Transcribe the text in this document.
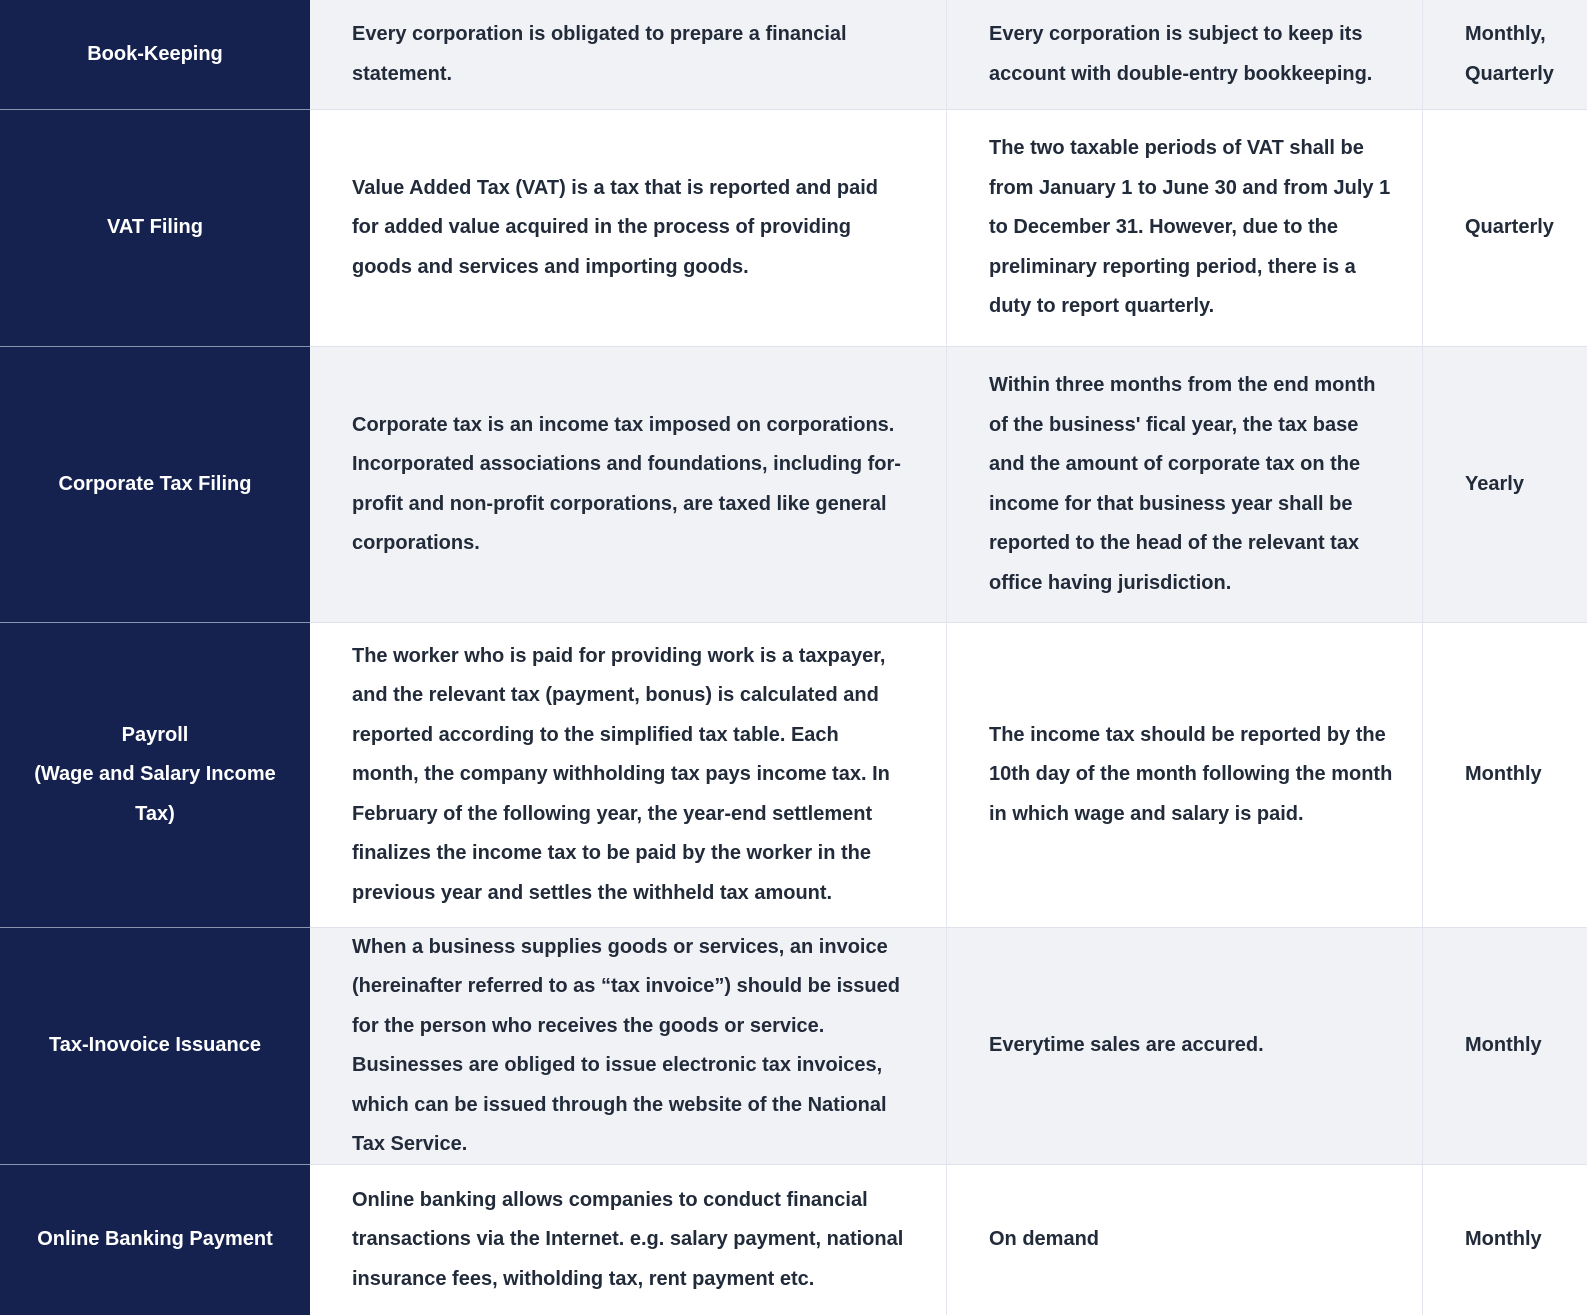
Book-Keeping
Every corporation is obligated to prepare a financial statement.
Every corporation is subject to keep its account with double-entry bookkeeping.
Monthly, Quarterly
VAT Filing
Value Added Tax (VAT) is a tax that is reported and paid for added value acquired in the process of providing goods and services and importing goods.
The two taxable periods of VAT shall be from January 1 to June 30 and from July 1 to December 31. However, due to the preliminary reporting period, there is a duty to report quarterly.
Quarterly
Corporate Tax Filing
Corporate tax is an income tax imposed on corporations. Incorporated associations and foundations, including for-profit and non-profit corporations, are taxed like general corporations.
Within three months from the end month of the business' fical year, the tax base and the amount of corporate tax on the income for that business year shall be reported to the head of the relevant tax office having jurisdiction.
Yearly
Payroll
(Wage and Salary Income Tax)
The worker who is paid for providing work is a taxpayer, and the relevant tax (payment, bonus) is calculated and reported according to the simplified tax table. Each month, the company withholding tax pays income tax. In February of the following year, the year-end settlement finalizes the income tax to be paid by the worker in the previous year and settles the withheld tax amount.
The income tax should be reported by the 10th day of the month following the month in which wage and salary is paid.
Monthly
Tax-Inovoice Issuance
When a business supplies goods or services, an invoice (hereinafter referred to as “tax invoice”) should be issued for the person who receives the goods or service. Businesses are obliged to issue electronic tax invoices, which can be issued through the website of the National Tax Service.
Everytime sales are accured.	Monthly
Online Banking Payment
Online banking allows companies to conduct financial transactions via the Internet. e.g. salary payment, national insurance fees, witholding tax, rent payment etc.
On demand	Monthly
